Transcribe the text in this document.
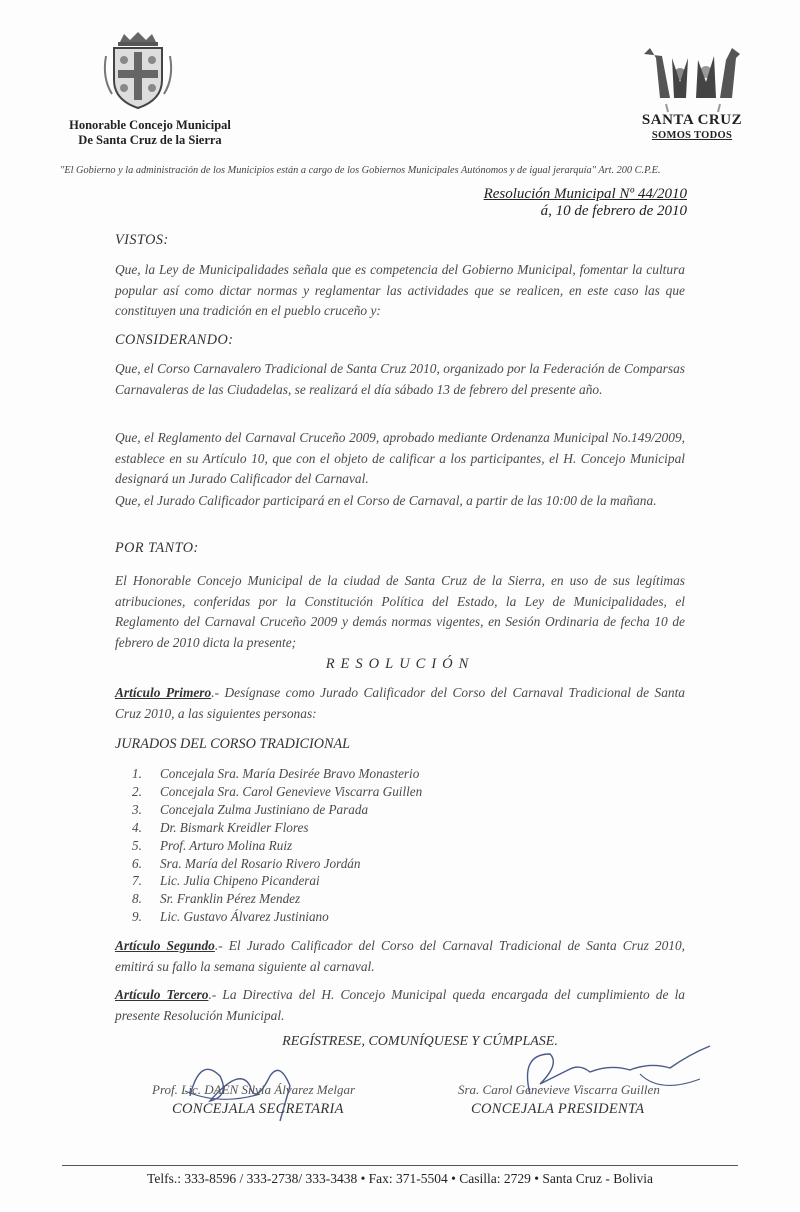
Honorable Concejo Municipal
De Santa Cruz de la Sierra
SANTA CRUZ
SOMOS TODOS
"El Gobierno y la administración de los Municipios están a cargo de los Gobiernos Municipales Autónomos y de igual jerarquía" Art. 200 C.P.E.
Resolución Municipal Nº 44/2010
á, 10 de febrero de 2010
VISTOS:
Que, la Ley de Municipalidades señala que es competencia del Gobierno Municipal, fomentar la cultura popular así como dictar normas y reglamentar las actividades que se realicen, en este caso las que constituyen una tradición en el pueblo cruceño y:
CONSIDERANDO:
Que, el Corso Carnavalero Tradicional de Santa Cruz 2010, organizado por la Federación de Comparsas Carnavaleras de las Ciudadelas, se realizará el día sábado 13 de febrero del presente año.
Que, el Reglamento del Carnaval Cruceño 2009, aprobado mediante Ordenanza Municipal No.149/2009, establece en su Artículo 10, que con el objeto de calificar a los participantes, el H. Concejo Municipal designará un Jurado Calificador del Carnaval.
Que, el Jurado Calificador participará en el Corso de Carnaval, a partir de las 10:00 de la mañana.
POR TANTO:
El Honorable Concejo Municipal de la ciudad de Santa Cruz de la Sierra, en uso de sus legítimas atribuciones, conferidas por la Constitución Política del Estado, la Ley de Municipalidades, el Reglamento del Carnaval Cruceño 2009 y demás normas vigentes, en Sesión Ordinaria de fecha 10 de febrero de 2010 dicta la presente;
RESOLUCIÓN
Artículo Primero.- Desígnase como Jurado Calificador del Corso del Carnaval Tradicional de Santa Cruz 2010, a las siguientes personas:
JURADOS DEL CORSO TRADICIONAL
1. Concejala Sra. María Desirée Bravo Monasterio
2. Concejala Sra. Carol Genevieve Viscarra Guillen
3. Concejala Zulma Justiniano de Parada
4. Dr. Bismark Kreidler Flores
5. Prof. Arturo Molina Ruiz
6. Sra. María del Rosario Rivero Jordán
7. Lic. Julia Chipeno Picanderai
8. Sr. Franklin Pérez Mendez
9. Lic. Gustavo Álvarez Justiniano
Artículo Segundo.- El Jurado Calificador del Corso del Carnaval Tradicional de Santa Cruz 2010, emitirá su fallo la semana siguiente al carnaval.
Artículo Tercero.- La Directiva del H. Concejo Municipal queda encargada del cumplimiento de la presente Resolución Municipal.
REGÍSTRESE, COMUNÍQUESE Y CÚMPLASE.
Prof. Lic. DAEN Silvia Álvarez Melgar
CONCEJALA SECRETARIA
Sra. Carol Genevieve Viscarra Guillen
CONCEJALA PRESIDENTA
Telfs.: 333-8596 / 333-2738/ 333-3438 • Fax: 371-5504 • Casilla: 2729 • Santa Cruz - Bolivia
